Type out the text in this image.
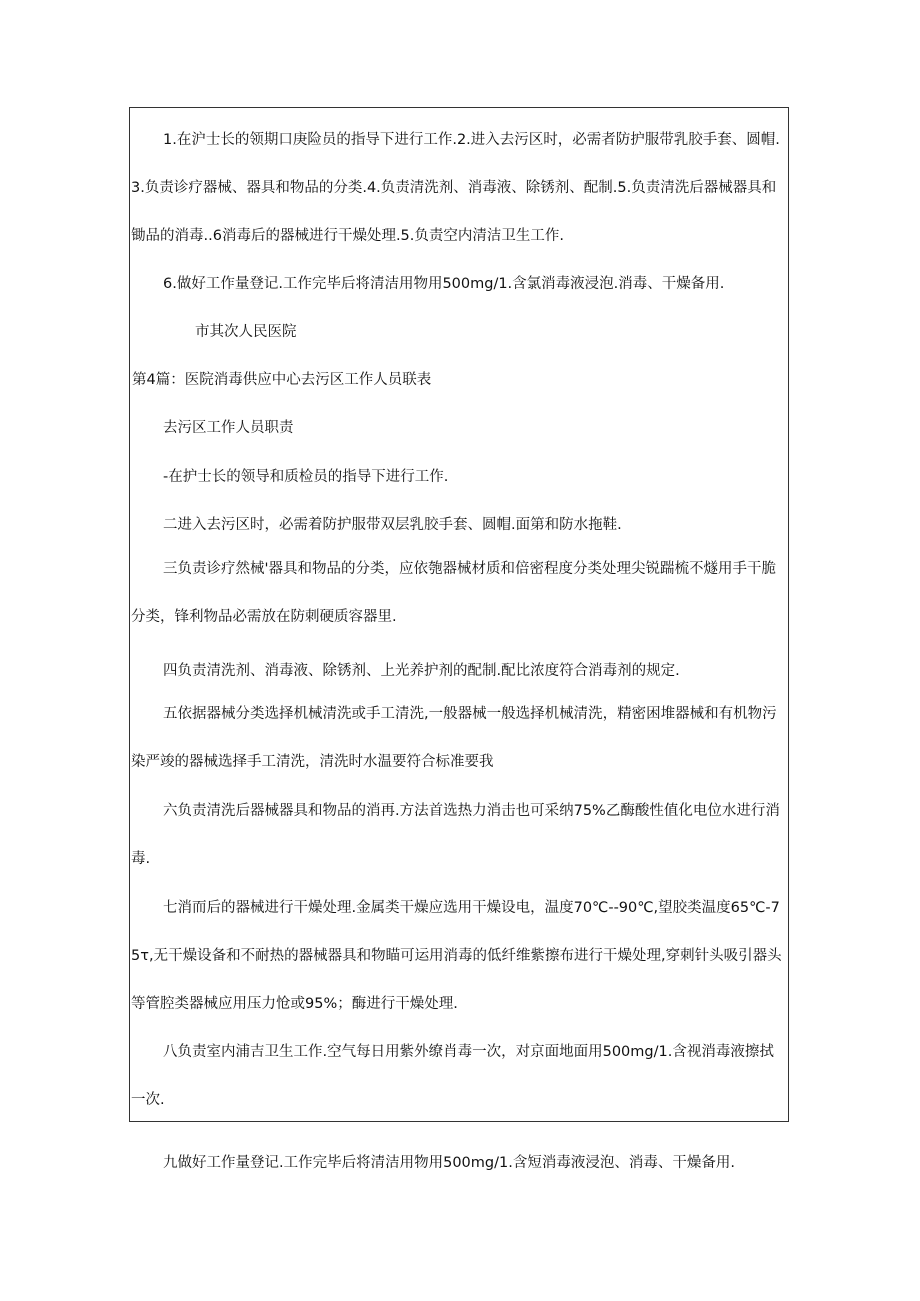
1.在沪士长的领期口庚险员的指导下进行工作.2.进入去污区时，必需者防护服带乳胶手套、圆帽.3.负责诊疗器械、器具和物品的分类.4.负责清洗剂、消毒液、除锈剂、配制.5.负责清洗后器械器具和锄品的消毒..6消毒后的器械进行干燥处理.5.负责空内清洁卫生工作.

6.做好工作量登记.工作完毕后将清洁用物用500mg/1.含氯消毒液浸泡.消毒、干燥备用.

市其次人民医院

第4篇：医院消毒供应中心去污区工作人员联表

去污区工作人员职责

-在护士长的领导和质检员的指导下进行工作.

二进入去污区时，必需着防护服带双层乳胶手套、圆帽.面第和防水拖鞋.

三负责诊疗然械'器具和物品的分类，应依匏器械材质和倍密程度分类处理尖锐踹梳不燧用手干脆分类，锋利物品必需放在防刺硬质容器里.

四负责清洗剂、消毒液、除锈剂、上光养护剂的配制.配比浓度符合消毒剂的规定.

五依据器械分类选择机械清洗或手工清洗,一般器械一般选择机械清洗，精密困堆器械和有机物污染严竣的器械选择手工清洗，清洗时水温要符合标准要我

六负责清洗后器械器具和物品的消再.方法首选热力消击也可采纳75%乙酶酸性值化电位水进行消毒.

七消而后的器械进行干燥处理.金属类干燥应选用干燥设电，温度70℃--90℃,望胶类温度65℃-75τ,无干燥设备和不耐热的器械器具和物瞄可运用消毒的低纤维紫擦布进行干燥处理,穿刺针头吸引器头等管腔类器械应用压力怆或95%；酶进行干燥处理.

八负责室内浦吉卫生工作.空气每日用紫外缭肖毒一次，对京面地面用500mg/1.含视消毒液擦拭一次.

九做好工作量登记.工作完毕后将清洁用物用500mg/1.含短消毒液浸泡、消毒、干燥备用.
